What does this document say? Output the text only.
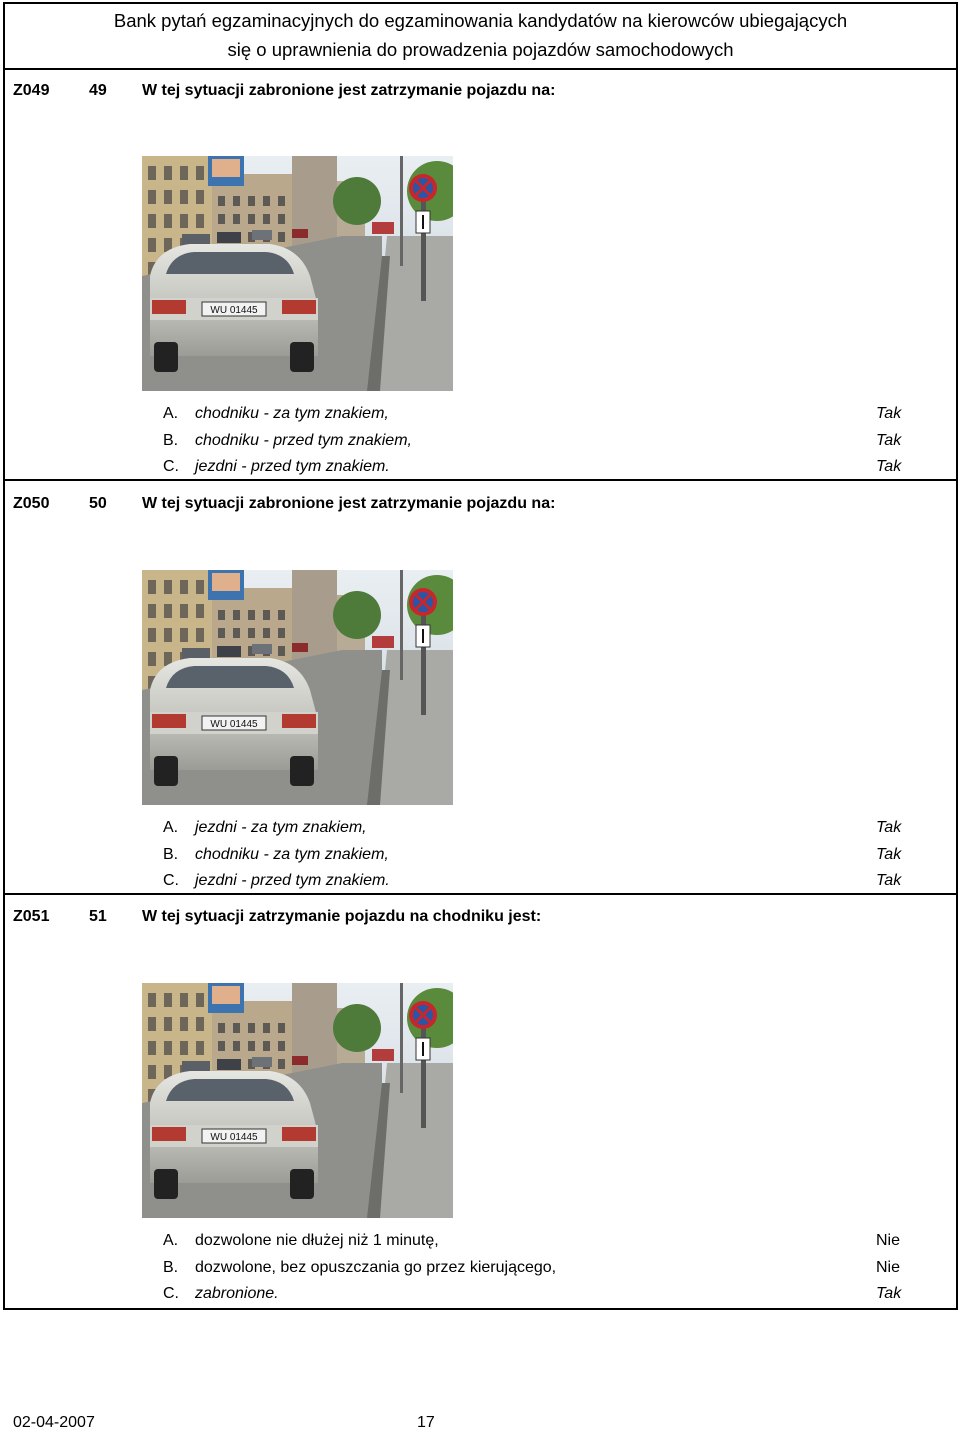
Bank pytań egzaminacyjnych do egzaminowania kandydatów na kierowców ubiegających
się o uprawnienia do prowadzenia pojazdów samochodowych
Z049 49 W tej sytuacji zabronione jest zatrzymanie pojazdu na:
WU 01445
A. chodniku - za tym znakiem,	Tak
B. chodniku - przed tym znakiem,	Tak
C. jezdni - przed tym znakiem.	Tak
Z050 50 W tej sytuacji zabronione jest zatrzymanie pojazdu na:
WU 01445
A. jezdni - za tym znakiem,	Tak
B. chodniku - za tym znakiem,	Tak
C. jezdni - przed tym znakiem.	Tak
Z051 51 W tej sytuacji zatrzymanie pojazdu na chodniku jest:
WU 01445
A. dozwolone nie dłużej niż 1 minutę,	Nie
B. dozwolone, bez opuszczania go przez kierującego,	Nie
C. zabronione.	Tak
02-04-2007	17
